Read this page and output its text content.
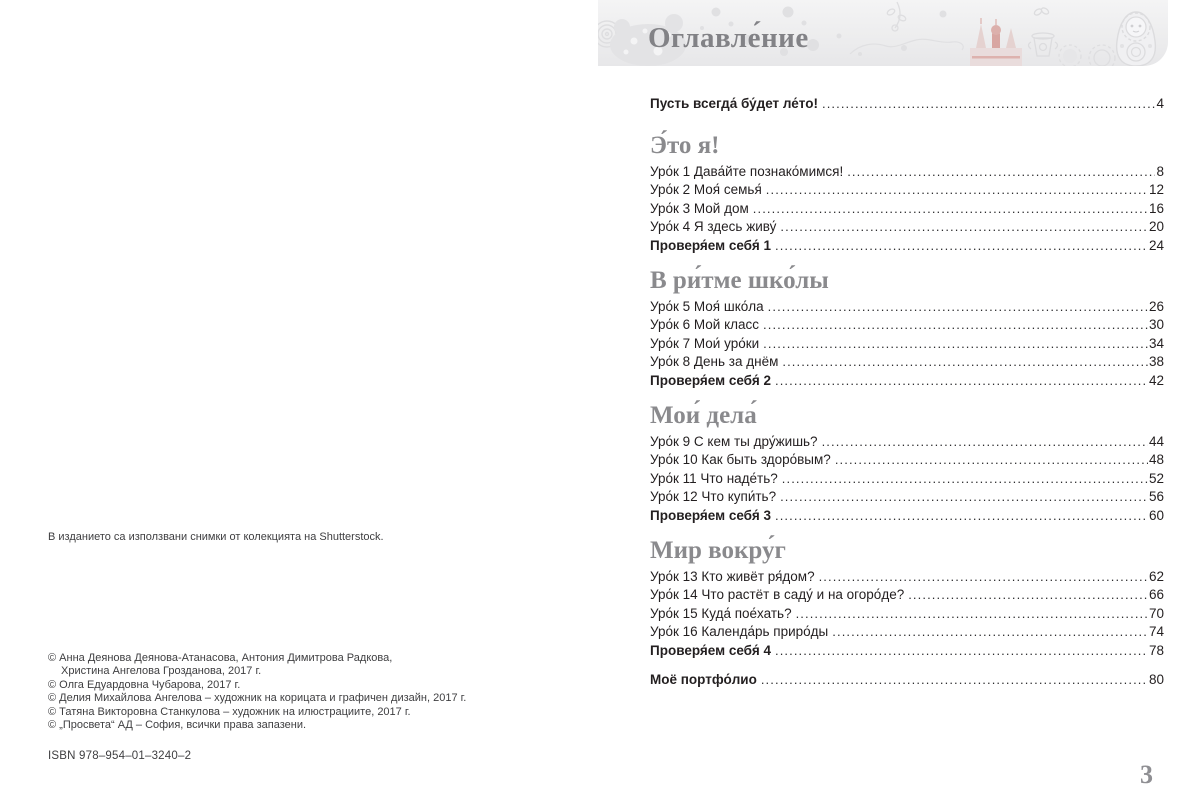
Оглавле́ние
Пусть всегда́ бу́дет ле́то! .....	4
Э́то я!
Уро́к 1 Дава́йте познако́мимся! .....	8
Уро́к 2 Моя́ семья́ .....	12
Уро́к 3 Мой дом .....	16
Уро́к 4 Я здесь живу́ .....	20
Проверя́ем себя́ 1 .....	24
В ри́тме шко́лы
Уро́к 5 Моя́ шко́ла .....	26
Уро́к 6 Мой класс .....	30
Уро́к 7 Мои́ уро́ки .....	34
Уро́к 8 День за днём .....	38
Проверя́ем себя́ 2 .....	42
Мои́ дела́
Уро́к 9 С кем ты дру́жишь? .....	44
Уро́к 10 Как быть здоро́вым? .....	48
Уро́к 11 Что наде́ть? .....	52
Уро́к 12 Что купи́ть? .....	56
Проверя́ем себя́ 3 .....	60
Мир вокру́г
Уро́к 13 Кто живёт ря́дом? .....	62
Уро́к 14 Что растёт в саду́ и на огоро́де? .....	66
Уро́к 15 Куда́ пое́хать? .....	70
Уро́к 16 Календа́рь приро́ды .....	74
Проверя́ем себя́ 4 .....	78
Моё портфо́лио .....	80
В изданието са използвани снимки от колекцията на Shutterstock.
© Анна Деянова Деянова-Атанасова, Антония Димитрова Радкова,
Христина Ангелова Грозданова, 2017 г.
© Олга Едуардовна Чубарова, 2017 г.
© Делия Михайлова Ангелова – художник на корицата и графичен дизайн, 2017 г.
© Татяна Викторовна Станкулова – художник на илюстрациите, 2017 г.
© „Просвета“ АД – София, всички права запазени.
ISBN 978–954–01–3240–2
3
